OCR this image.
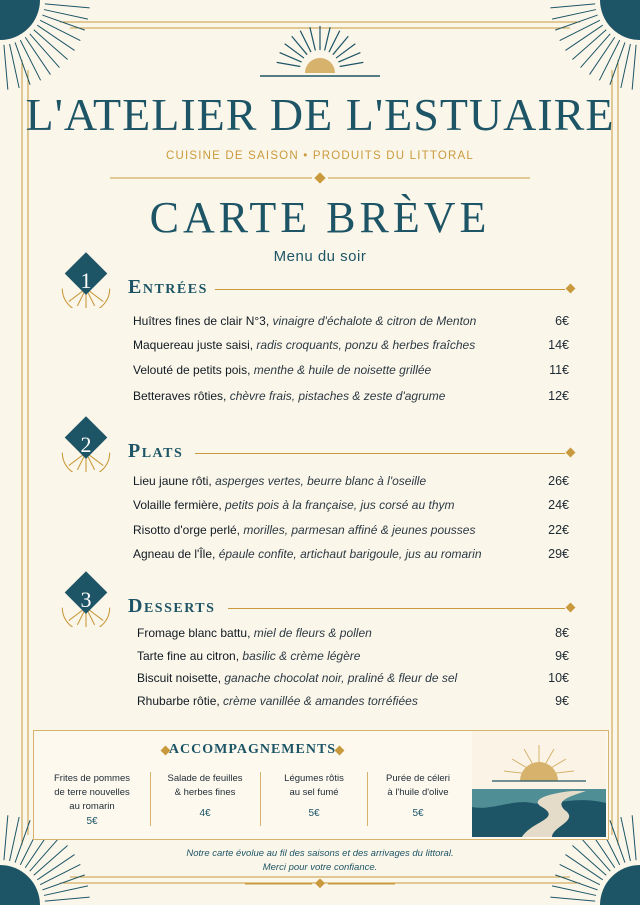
L'ATELIER DE L'ESTUAIRE
CUISINE DE SAISON • PRODUITS DU LITTORAL
CARTE BRÈVE
Menu du soir
1	Entrées
Huîtres fines de clair N°3, vinaigre d'échalote & citron de Menton	6€
Maquereau juste saisi, radis croquants, ponzu & herbes fraîches	14€
Velouté de petits pois, menthe & huile de noisette grillée	11€
Betteraves rôties, chèvre frais, pistaches & zeste d'agrume	12€
2	Plats
Lieu jaune rôti, asperges vertes, beurre blanc à l'oseille	26€
Volaille fermière, petits pois à la française, jus corsé au thym	24€
Risotto d'orge perlé, morilles, parmesan affiné & jeunes pousses	22€
Agneau de l'Île, épaule confite, artichaut barigoule, jus au romarin	29€
3	Desserts
Fromage blanc battu, miel de fleurs & pollen	8€
Tarte fine au citron, basilic & crème légère	9€
Biscuit noisette, ganache chocolat noir, praliné & fleur de sel	10€
Rhubarbe rôtie, crème vanillée & amandes torréfiées	9€
ACCOMPAGNEMENTS
Frites de pommes
de terre nouvelles
au romarin
5€
Salade de feuilles
& herbes fines
4€
Légumes rôtis
au sel fumé
5€
Purée de céleri
à l'huile d'olive
5€
Notre carte évolue au fil des saisons et des arrivages du littoral.
Merci pour votre confiance.
